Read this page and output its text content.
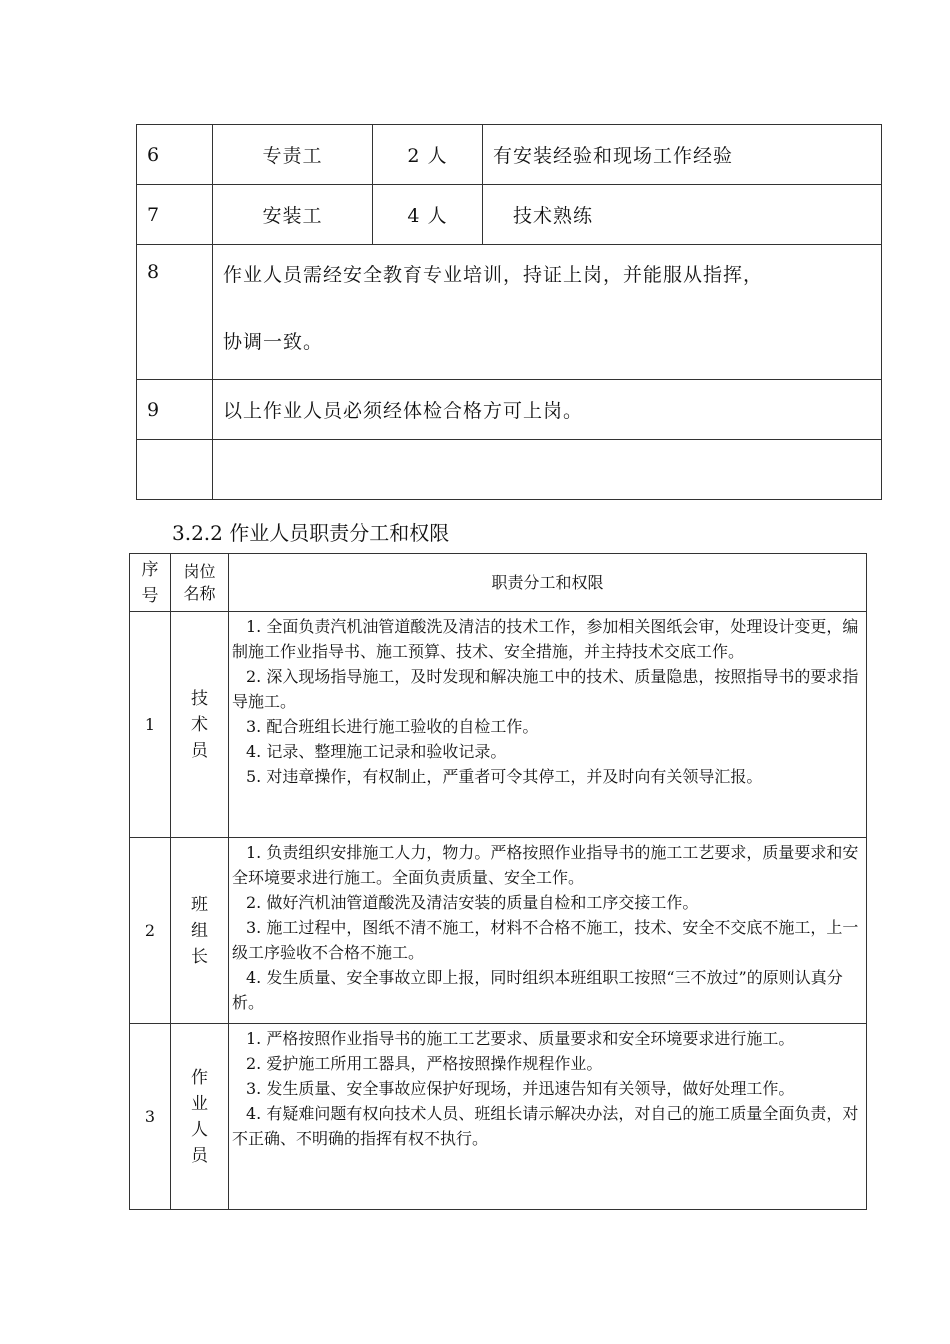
6	专责工	2 人	有安装经验和现场工作经验
7	安装工	4 人	技术熟练
8	作业人员需经安全教育专业培训，持证上岗，并能服从指挥，

协调一致。		

9	以上作业人员必须经体检合格方可上岗。		

3.2.2 作业人员职责分工和权限
序号	岗位名称	职责分工和权限
1	技术员	1. 全面负责汽机油管道酸洗及清洁的技术工作，参加相关图纸会审，处理设计变更，编制施工作业指导书、施工预算、技术、安全措施，并主持技术交底工作。

2. 深入现场指导施工，及时发现和解决施工中的技术、质量隐患，按照指导书的要求指导施工。

3. 配合班组长进行施工验收的自检工作。

4. 记录、整理施工记录和验收记录。

5. 对违章操作，有权制止，严重者可令其停工，并及时向有关领导汇报。

2	班组长	1. 负责组织安排施工人力，物力。严格按照作业指导书的施工工艺要求，质量要求和安全环境要求进行施工。全面负责质量、安全工作。

2. 做好汽机油管道酸洗及清洁安装的质量自检和工序交接工作。

3. 施工过程中，图纸不清不施工，材料不合格不施工，技术、安全不交底不施工，上一级工序验收不合格不施工。

4. 发生质量、安全事故立即上报，同时组织本班组职工按照“三不放过”的原则认真分析。

3	作业人员	1. 严格按照作业指导书的施工工艺要求、质量要求和安全环境要求进行施工。

2. 爱护施工所用工器具，严格按照操作规程作业。

3. 发生质量、安全事故应保护好现场，并迅速告知有关领导，做好处理工作。

4. 有疑难问题有权向技术人员、班组长请示解决办法，对自己的施工质量全面负责，对不正确、不明确的指挥有权不执行。
